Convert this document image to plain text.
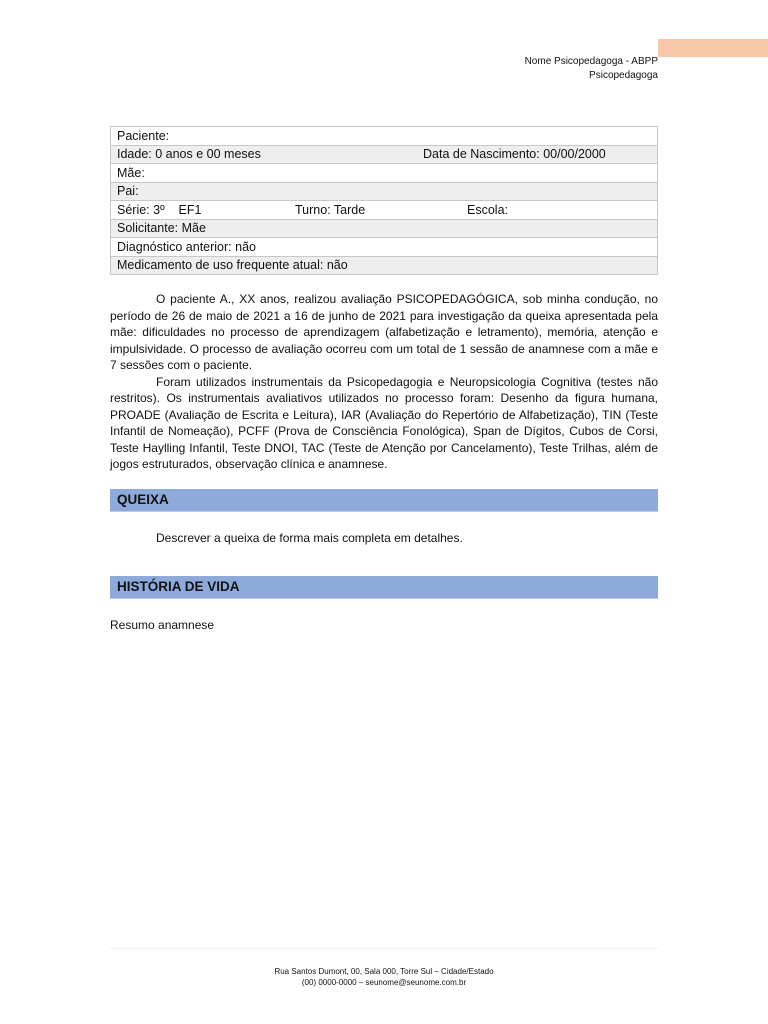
Nome Psicopedagoga - ABPP
Psicopedagoga
Paciente:

Idade: 0 anos e 00 meses	Data de Nascimento: 00/00/2000

Mãe:
Pai:

Série: 3º    EF1	Turno: Tarde	Escola:

Solicitante: Mãe
Diagnóstico anterior: não
Medicamento de uso frequente atual: não

O paciente A., XX anos, realizou avaliação PSICOPEDAGÓGICA, sob minha condução, no período de 26 de maio de 2021 a 16 de junho de 2021 para investigação da queixa apresentada pela mãe: dificuldades no processo de aprendizagem (alfabetização e letramento), memória, atenção e impulsividade. O processo de avaliação ocorreu com um total de 1 sessão de anamnese com a mãe e 7 sessões com o paciente.

Foram utilizados instrumentais da Psicopedagogia e Neuropsicologia Cognitiva (testes não restritos). Os instrumentais avaliativos utilizados no processo foram: Desenho da figura humana, PROADE (Avaliação de Escrita e Leitura), IAR (Avaliação do Repertório de Alfabetização), TIN (Teste Infantil de Nomeação), PCFF (Prova de Consciência Fonológica), Span de Dígitos, Cubos de Corsi, Teste Haylling Infantil, Teste DNOI, TAC (Teste de Atenção por Cancelamento), Teste Trilhas, além de jogos estruturados, observação clínica e anamnese.

QUEIXA
Descrever a queixa de forma mais completa em detalhes.
HISTÓRIA DE VIDA
Resumo anamnese
Rua Santos Dumont, 00, Sala 000, Torre Sul – Cidade/Estado
(00) 0000-0000 – seunome@seunome.com.br
